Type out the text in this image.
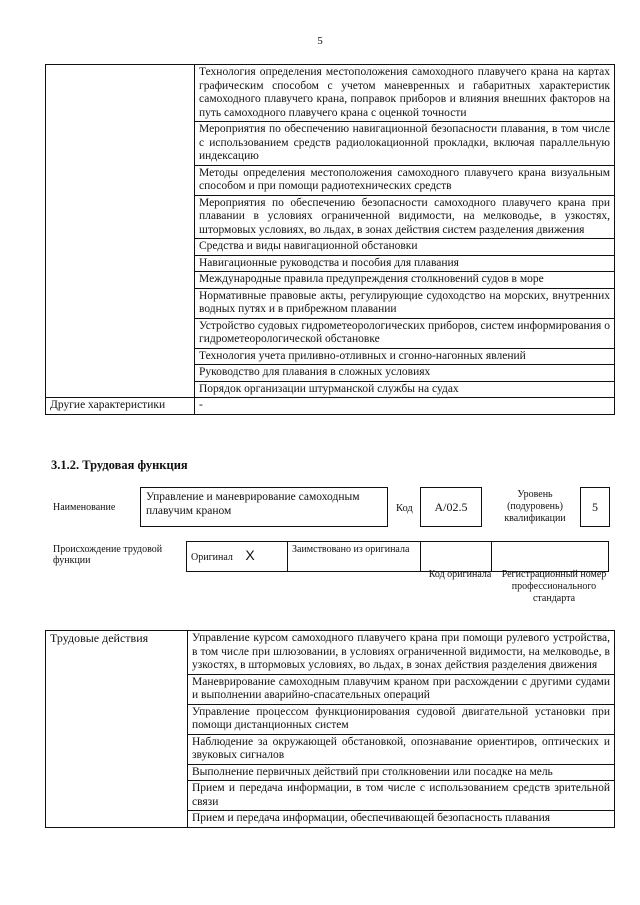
5
	Технология определения местоположения самоходного плавучего крана на картах графическим способом с учетом маневренных и габаритных характеристик самоходного плавучего крана, поправок приборов и влияния внешних факторов на путь самоходного плавучего крана с оценкой точности
	Мероприятия по обеспечению навигационной безопасности плавания, в том числе с использованием средств радиолокационной прокладки, включая параллельную индексацию
	Методы определения местоположения самоходного плавучего крана визуальным способом и при помощи радиотехнических средств
	Мероприятия по обеспечению безопасности самоходного плавучего крана при плавании в условиях ограниченной видимости, на мелководье, в узкостях, штормовых условиях, во льдах, в зонах действия систем разделения движения
	Средства и виды навигационной обстановки
	Навигационные руководства и пособия для плавания
	Международные правила предупреждения столкновений судов в море
	Нормативные правовые акты, регулирующие судоходство на морских, внутренних водных путях и в прибрежном плавании
	Устройство судовых гидрометеорологических приборов, систем информирования о гидрометеорологической обстановке
	Технология учета приливно-отливных и сгонно-нагонных явлений
	Руководство для плавания в сложных условиях
	Порядок организации штурманской службы на судах
Другие характеристики	-
3.1.2. Трудовая функция
Наименование
Управление и маневрирование самоходным плавучим краном	Код	А/02.5
Уровень (подуровень) квалификации
5
Происхождение трудовой функции	Оригинал X	Заимствовано из оригинала		
Код оригинала	Регистрационный номер профессионального стандарта
Трудовые действия	Управление курсом самоходного плавучего крана при помощи рулевого устройства, в том числе при шлюзовании, в условиях ограниченной видимости, на мелководье, в узкостях, в штормовых условиях, во льдах, в зонах действия разделения движения
Маневрирование самоходным плавучим краном при расхождении с другими судами и выполнении аварийно-спасательных операций
Управление процессом функционирования судовой двигательной установки при помощи дистанционных систем
Наблюдение за окружающей обстановкой, опознавание ориентиров, оптических и звуковых сигналов
Выполнение первичных действий при столкновении или посадке на мель
Прием и передача информации, в том числе с использованием средств зрительной связи
Прием и передача информации, обеспечивающей безопасность плавания
